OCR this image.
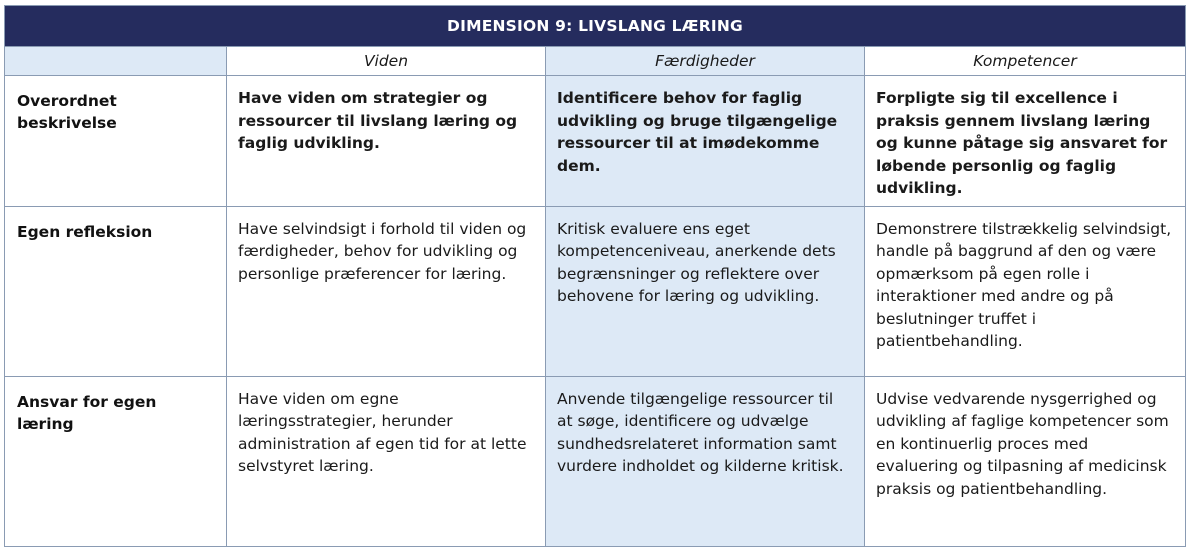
DIMENSION 9: LIVSLANG LÆRING			
	Viden	Færdigheder	Kompetencer
Overordnet beskrivelse	Have viden om strategier og ressourcer til livslang læring og faglig udvikling.	Identificere behov for faglig udvikling og bruge tilgængelige ressourcer til at imødekomme dem.	Forpligte sig til excellence i praksis gennem livslang læring og kunne påtage sig ansvaret for løbende personlig og faglig udvikling.
Egen refleksion	Have selvindsigt i forhold til viden og færdigheder, behov for udvikling og personlige præferencer for læring.	Kritisk evaluere ens eget kompetenceniveau, anerkende dets begrænsninger og reflektere over behovene for læring og udvikling.	Demonstrere tilstrækkelig selvindsigt, handle på baggrund af den og være opmærksom på egen rolle i interaktioner med andre og på beslutninger truffet i patientbehandling.
Ansvar for egen læring	Have viden om egne læringsstrategier, herunder administration af egen tid for at lette selvstyret læring.	Anvende tilgængelige ressourcer til at søge, identificere og udvælge sundhedsrelateret information samt vurdere indholdet og kilderne kritisk.	Udvise vedvarende nysgerrighed og udvikling af faglige kompetencer som en kontinuerlig proces med evaluering og tilpasning af medicinsk praksis og patientbehandling.
